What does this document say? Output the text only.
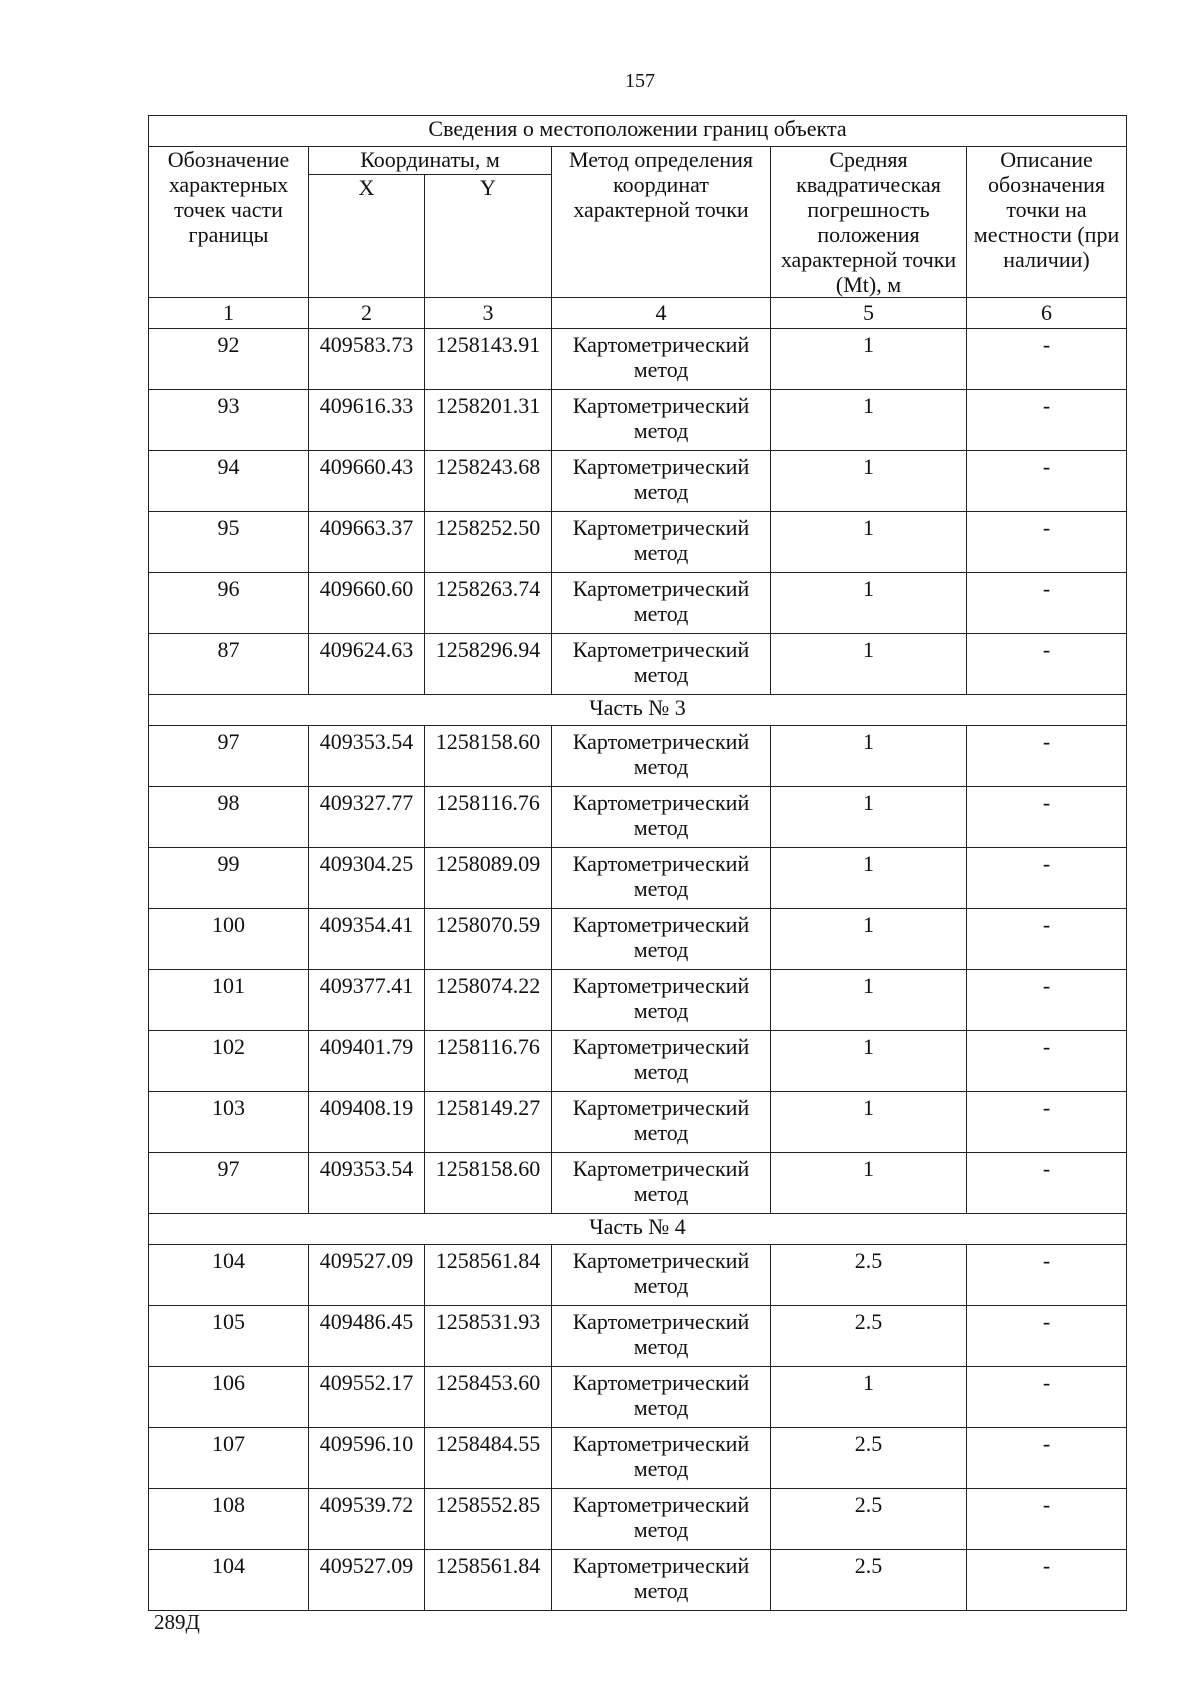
157
Сведения о местоположении границ объекта					
Обозначение характерных точек части границы	Координаты, м		Метод определения координат характерной точки	Средняя квадратическая погрешность положения характерной точки (Mt), м	Описание обозначения точки на местности (при наличии)
	X	Y			
1	2	3	4	5	6
92	409583.73	1258143.91	Картометрический метод	1	-
93	409616.33	1258201.31	Картометрический метод	1	-
94	409660.43	1258243.68	Картометрический метод	1	-
95	409663.37	1258252.50	Картометрический метод	1	-
96	409660.60	1258263.74	Картометрический метод	1	-
87	409624.63	1258296.94	Картометрический метод	1	-
Часть № 3					
97	409353.54	1258158.60	Картометрический метод	1	-
98	409327.77	1258116.76	Картометрический метод	1	-
99	409304.25	1258089.09	Картометрический метод	1	-
100	409354.41	1258070.59	Картометрический метод	1	-
101	409377.41	1258074.22	Картометрический метод	1	-
102	409401.79	1258116.76	Картометрический метод	1	-
103	409408.19	1258149.27	Картометрический метод	1	-
97	409353.54	1258158.60	Картометрический метод	1	-
Часть № 4					
104	409527.09	1258561.84	Картометрический метод	2.5	-
105	409486.45	1258531.93	Картометрический метод	2.5	-
106	409552.17	1258453.60	Картометрический метод	1	-
107	409596.10	1258484.55	Картометрический метод	2.5	-
108	409539.72	1258552.85	Картометрический метод	2.5	-
104	409527.09	1258561.84	Картометрический метод	2.5	-
289Д
